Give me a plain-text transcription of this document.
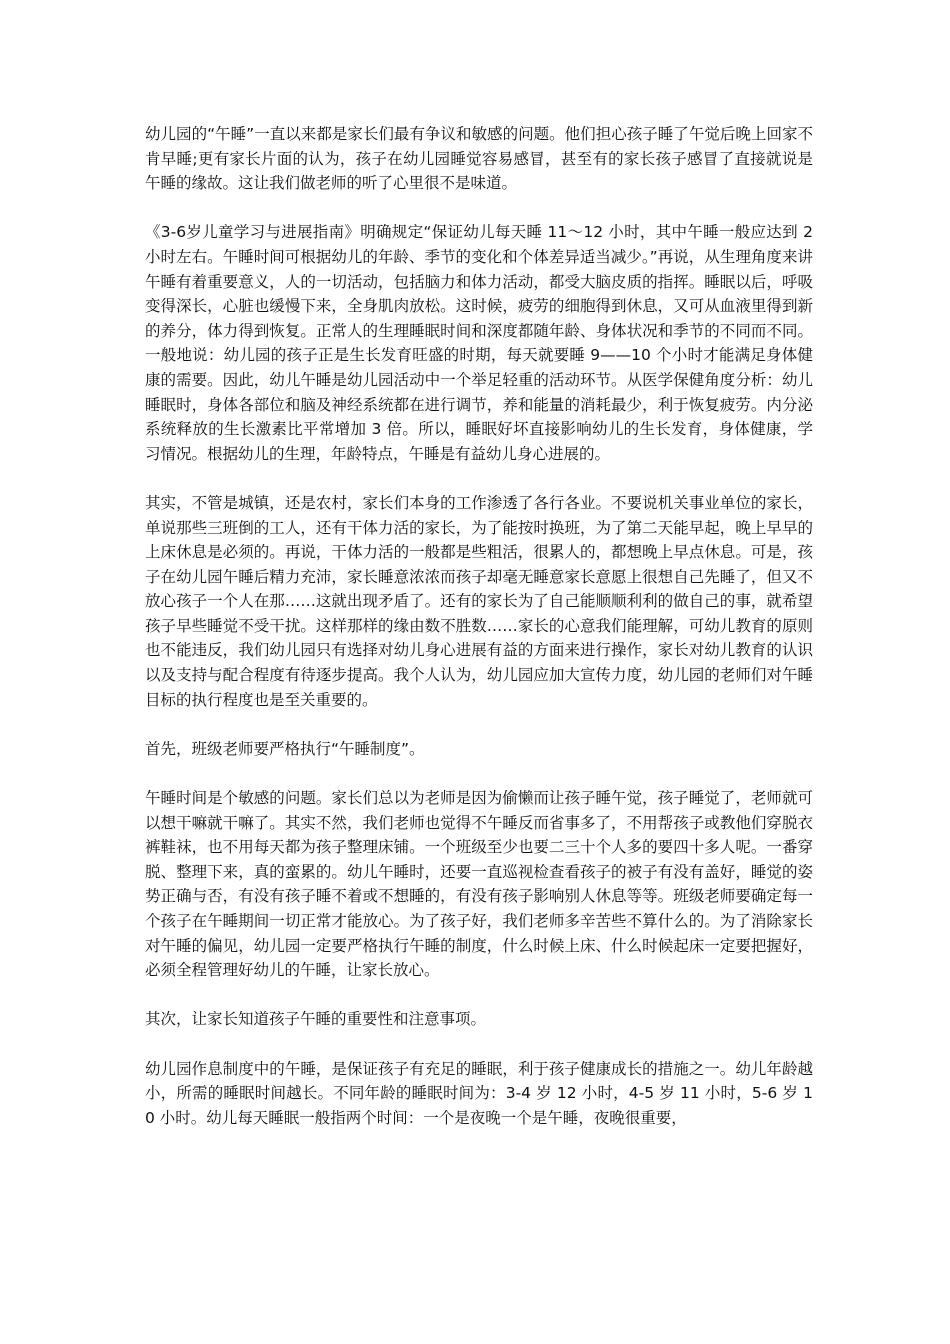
幼儿园的“午睡”一直以来都是家长们最有争议和敏感的问题。他们担心孩子睡了午觉后晚上回家不肯早睡;更有家长片面的认为，孩子在幼儿园睡觉容易感冒，甚至有的家长孩子感冒了直接就说是午睡的缘故。这让我们做老师的听了心里很不是味道。

《3-6岁儿童学习与进展指南》明确规定“保证幼儿每天睡 11～12 小时，其中午睡一般应达到 2 小时左右。午睡时间可根据幼儿的年龄、季节的变化和个体差异适当减少。”再说，从生理角度来讲午睡有着重要意义，人的一切活动，包括脑力和体力活动，都受大脑皮质的指挥。睡眠以后，呼吸变得深长，心脏也缓慢下来，全身肌肉放松。这时候，疲劳的细胞得到休息，又可从血液里得到新的养分，体力得到恢复。正常人的生理睡眠时间和深度都随年龄、身体状况和季节的不同而不同。一般地说：幼儿园的孩子正是生长发育旺盛的时期，每天就要睡 9——10 个小时才能满足身体健康的需要。因此，幼儿午睡是幼儿园活动中一个举足轻重的活动环节。从医学保健角度分析：幼儿睡眠时，身体各部位和脑及神经系统都在进行调节，养和能量的消耗最少，利于恢复疲劳。内分泌系统释放的生长激素比平常增加 3 倍。所以，睡眠好坏直接影响幼儿的生长发育，身体健康，学习情况。根据幼儿的生理，年龄特点，午睡是有益幼儿身心进展的。

其实，不管是城镇，还是农村，家长们本身的工作渗透了各行各业。不要说机关事业单位的家长，单说那些三班倒的工人，还有干体力活的家长，为了能按时换班，为了第二天能早起，晚上早早的上床休息是必须的。再说，干体力活的一般都是些粗活，很累人的，都想晚上早点休息。可是，孩子在幼儿园午睡后精力充沛，家长睡意浓浓而孩子却毫无睡意家长意愿上很想自己先睡了，但又不放心孩子一个人在那……这就出现矛盾了。还有的家长为了自己能顺顺利利的做自己的事，就希望孩子早些睡觉不受干扰。这样那样的缘由数不胜数……家长的心意我们能理解，可幼儿教育的原则也不能违反，我们幼儿园只有选择对幼儿身心进展有益的方面来进行操作，家长对幼儿教育的认识以及支持与配合程度有待逐步提高。我个人认为，幼儿园应加大宣传力度，幼儿园的老师们对午睡目标的执行程度也是至关重要的。

首先，班级老师要严格执行“午睡制度”。

午睡时间是个敏感的问题。家长们总以为老师是因为偷懒而让孩子睡午觉，孩子睡觉了，老师就可以想干嘛就干嘛了。其实不然，我们老师也觉得不午睡反而省事多了，不用帮孩子或教他们穿脱衣裤鞋袜，也不用每天都为孩子整理床铺。一个班级至少也要二三十个人多的要四十多人呢。一番穿脱、整理下来，真的蛮累的。幼儿午睡时，还要一直巡视检查看孩子的被子有没有盖好，睡觉的姿势正确与否，有没有孩子睡不着或不想睡的，有没有孩子影响别人休息等等。班级老师要确定每一个孩子在午睡期间一切正常才能放心。为了孩子好，我们老师多辛苦些不算什么的。为了消除家长对午睡的偏见，幼儿园一定要严格执行午睡的制度，什么时候上床、什么时候起床一定要把握好，必须全程管理好幼儿的午睡，让家长放心。

其次，让家长知道孩子午睡的重要性和注意事项。

幼儿园作息制度中的午睡，是保证孩子有充足的睡眠，利于孩子健康成长的措施之一。幼儿年龄越小，所需的睡眠时间越长。不同年龄的睡眠时间为：3-4 岁 12 小时，4-5 岁 11 小时，5-6 岁 10 小时。幼儿每天睡眠一般指两个时间：一个是夜晚一个是午睡，夜晚很重要，
